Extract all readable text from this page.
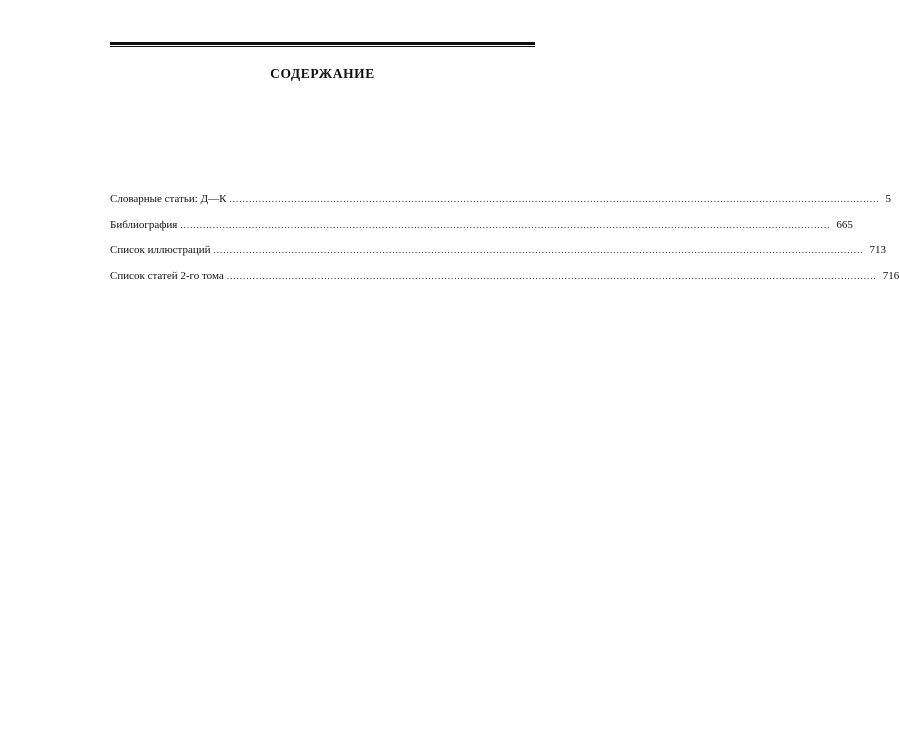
СОДЕРЖАНИЕ
Словарные статьи: Д—К ........................................................................................................................................................................................................ 5
Библиография ........................................................................................................................................................................................................ 665
Список иллюстраций ........................................................................................................................................................................................................ 713
Список статей 2-го тома ........................................................................................................................................................................................................ 716
